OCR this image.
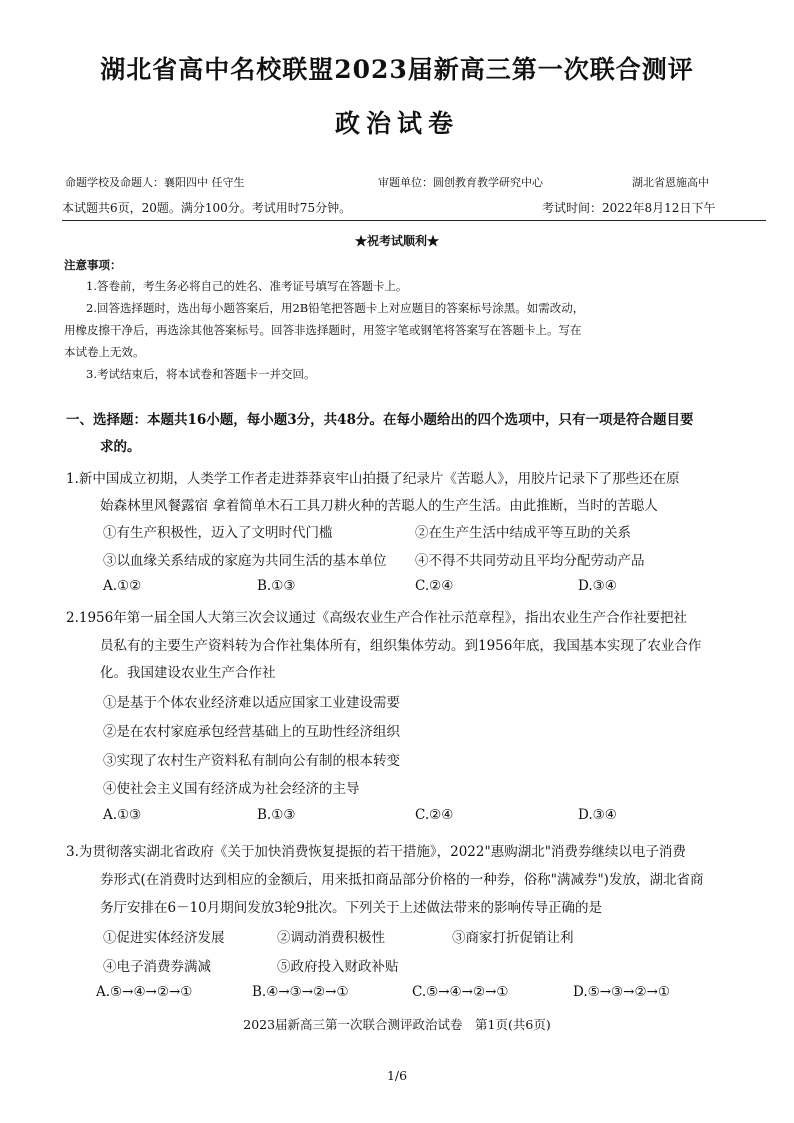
湖北省高中名校联盟2023届新高三第一次联合测评
政治试卷
命题学校及命题人：襄阳四中 任守生	审题单位：圆创教育教学研究中心	湖北省恩施高中
本试题共6页，20题。满分100分。考试用时75分钟。	考试时间：2022年8月12日下午
★祝考试顺利★
注意事项：
1.答卷前，考生务必将自己的姓名、准考证号填写在答题卡上。
2.回答选择题时，选出每小题答案后，用2B铅笔把答题卡上对应题目的答案标号涂黑。如需改动，
用橡皮擦干净后，再选涂其他答案标号。回答非选择题时，用签字笔或钢笔将答案写在答题卡上。写在
本试卷上无效。
3.考试结束后，将本试卷和答题卡一并交回。
一、选择题：本题共16小题，每小题3分，共48分。在每小题给出的四个选项中，只有一项是符合题目要
求的。
1.新中国成立初期，人类学工作者走进莽莽哀牢山拍摄了纪录片《苦聪人》，用胶片记录下了那些还在原
始森林里风餐露宿 拿着简单木石工具刀耕火种的苦聪人的生产生活。由此推断，当时的苦聪人
①有生产积极性，迈入了文明时代门槛	②在生产生活中结成平等互助的关系
③以血缘关系结成的家庭为共同生活的基本单位 ④不得不共同劳动且平均分配劳动产品
A.①②	B.①③	C.②④	D.③④
2.1956年第一届全国人大第三次会议通过《高级农业生产合作社示范章程》，指出农业生产合作社要把社
员私有的主要生产资料转为合作社集体所有，组织集体劳动。到1956年底，我国基本实现了农业合作
化。我国建设农业生产合作社
①是基于个体农业经济难以适应国家工业建设需要
②是在农村家庭承包经营基础上的互助性经济组织
③实现了农村生产资料私有制向公有制的根本转变
④使社会主义国有经济成为社会经济的主导
A.①③	B.①③	C.②④	D.③④
3.为贯彻落实湖北省政府《关于加快消费恢复提振的若干措施》，2022"惠购湖北"消费券继续以电子消费
券形式(在消费时达到相应的金额后，用来抵扣商品部分价格的一种券，俗称"满减券")发放，湖北省商
务厅安排在6－10月期间发放3轮9批次。下列关于上述做法带来的影响传导正确的是
①促进实体经济发展	②调动消费积极性	③商家打折促销让利
④电子消费券满减	⑤政府投入财政补贴
A.⑤→④→②→①	B.④→③→②→①	C.⑤→④→②→①	D.⑤→③→②→①
2023届新高三第一次联合测评政治试卷　第1页(共6页)
1/6
